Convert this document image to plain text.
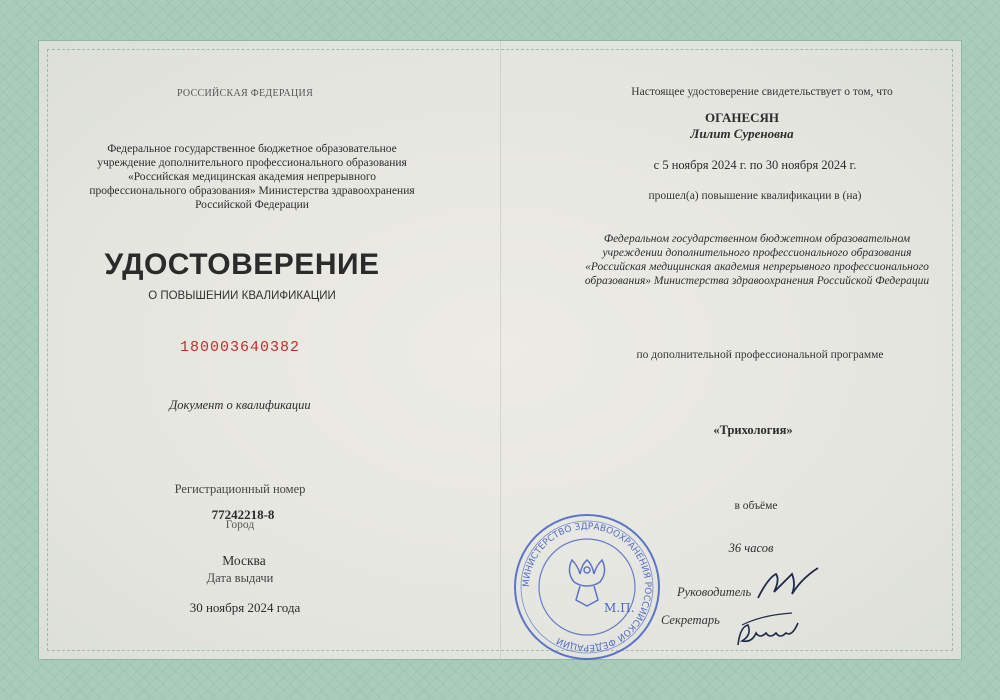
РОССИЙСКАЯ ФЕДЕРАЦИЯ
Федеральное государственное бюджетное образовательное учреждение дополнительного профессионального образования «Российская медицинская академия непрерывного профессионального образования» Министерства здравоохранения Российской Федерации
УДОСТОВЕРЕНИЕ
О ПОВЫШЕНИИ КВАЛИФИКАЦИИ
180003640382
Документ о квалификации
Регистрационный номер
77242218-8
Город
Москва
Дата выдачи
30 ноября 2024 года
Настоящее удостоверение свидетельствует о том, что
ОГАНЕСЯН
Лилит Суреновна
с 5 ноября 2024 г. по 30 ноября 2024 г.
прошел(а) повышение квалификации в (на)
Федеральном государственном бюджетном образовательном учреждении дополнительного профессионального образования «Российская медицинская академия непрерывного профессионального образования» Министерства здравоохранения Российской Федерации
по дополнительной профессиональной программе
«Трихология»
в объёме
36 часов
Руководитель
Секретарь
МИНИСТЕРСТВО ЗДРАВООХРАНЕНИЯ РОССИЙСКОЙ ФЕДЕРАЦИИ
М.П.
